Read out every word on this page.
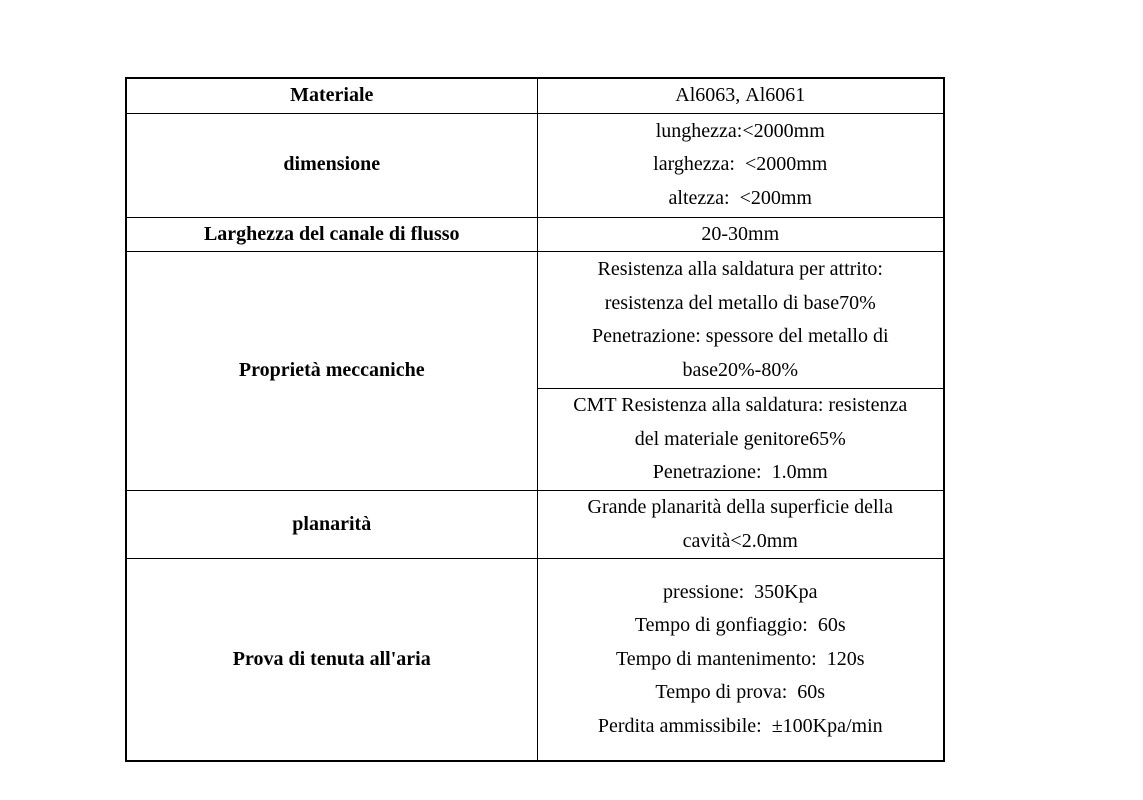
Materiale	Al6063, Al6061

dimensione	lunghezza:<2000mm
larghezza:  <2000mm
altezza:  <200mm

Larghezza del canale di flusso	20-30mm

Proprietà meccaniche	Resistenza alla saldatura per attrito:
resistenza del metallo di base70%
Penetrazione: spessore del metallo di
base20%-80%

	CMT Resistenza alla saldatura: resistenza
del materiale genitore65%
Penetrazione:  1.0mm

planarità	Grande planarità della superficie della
cavità<2.0mm

Prova di tenuta all'aria	pressione:  350Kpa
Tempo di gonfiaggio:  60s
Tempo di mantenimento:  120s
Tempo di prova:  60s
Perdita ammissibile:  ±100Kpa/min
